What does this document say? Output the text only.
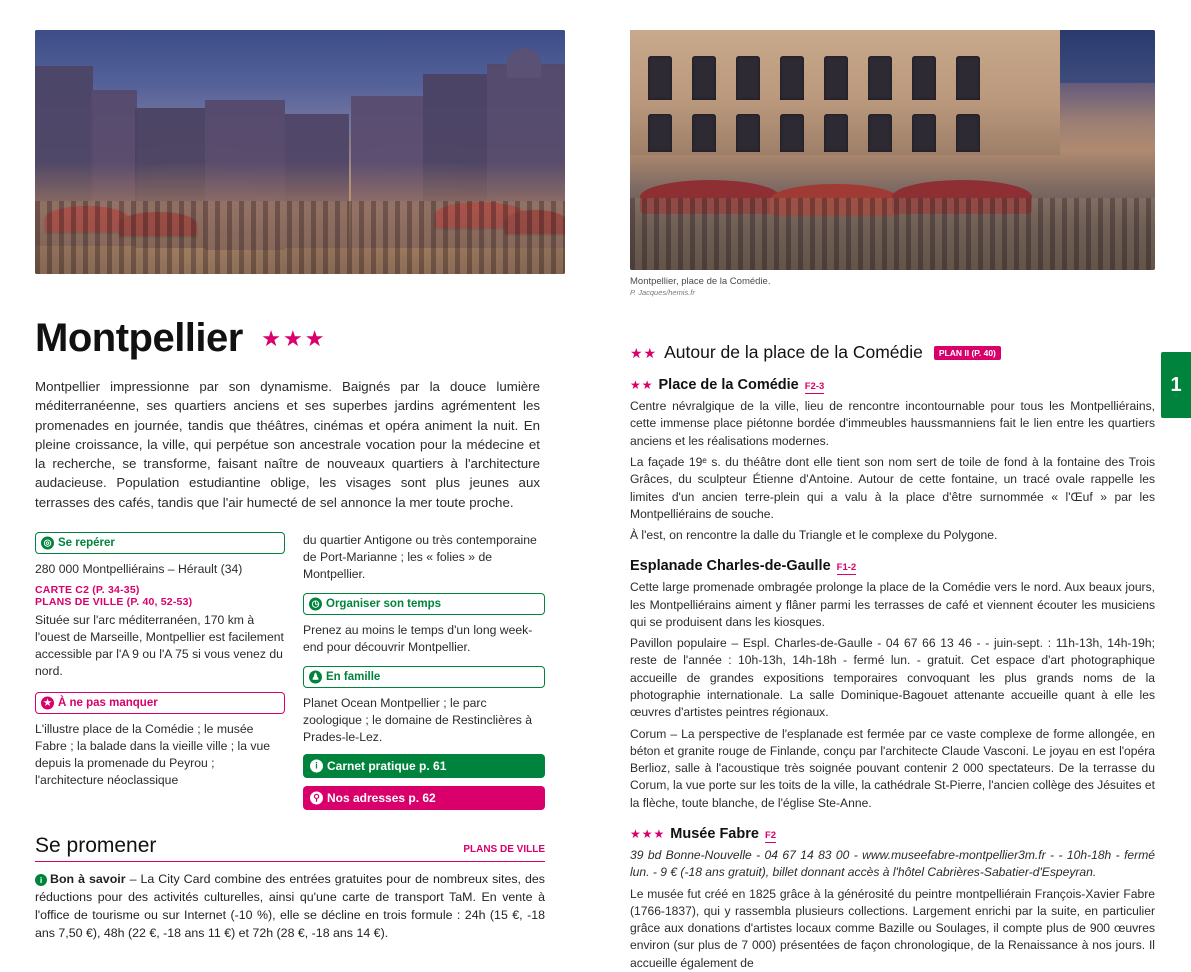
Montpellier ★★★
Montpellier impressionne par son dynamisme. Baignés par la douce lumière méditerranéenne, ses quartiers anciens et ses superbes jardins agrémentent les promenades en journée, tandis que théâtres, cinémas et opéra animent la nuit. En pleine croissance, la ville, qui perpétue son ancestrale vocation pour la médecine et la recherche, se transforme, faisant naître de nouveaux quartiers à l'architecture audacieuse. Population estudiantine oblige, les visages sont plus jeunes aux terrasses des cafés, tandis que l'air humecté de sel annonce la mer toute proche.
◎ Se repérer
280 000 Montpelliérains – Hérault (34)
CARTE C2 (P. 34-35)
PLANS DE VILLE (P. 40, 52-53)
Située sur l'arc méditerranéen, 170 km à l'ouest de Marseille, Montpellier est facilement accessible par l'A 9 ou l'A 75 si vous venez du nord.
★ À ne pas manquer
L'illustre place de la Comédie ; le musée Fabre ; la balade dans la vieille ville ; la vue depuis la promenade du Peyrou ; l'architecture néoclassique
du quartier Antigone ou très contemporaine de Port-Marianne ; les « folies » de Montpellier.
◷ Organiser son temps
Prenez au moins le temps d'un long week-end pour découvrir Montpellier.
♟ En famille
Planet Ocean Montpellier ; le parc zoologique ; le domaine de Restinclières à Prades-le-Lez.
i Carnet pratique p. 61
⚲ Nos adresses p. 62
Se promener	PLANS DE VILLE
i Bon à savoir – La City Card combine des entrées gratuites pour de nombreux sites, des réductions pour des activités culturelles, ainsi qu'une carte de transport TaM. En vente à l'office de tourisme ou sur Internet (-10 %), elle se décline en trois formule : 24h (15 €, -18 ans 7,50 €), 48h (22 €, -18 ans 11 €) et 72h (28 €, -18 ans 14 €).
Montpellier, place de la Comédie.
P. Jacques/hemis.fr
★★ Autour de la place de la Comédie	PLAN II (P. 40)
★★ Place de la Comédie F2-3
Centre névralgique de la ville, lieu de rencontre incontournable pour tous les Montpelliérains, cette immense place piétonne bordée d'immeubles haussmanniens fait le lien entre les quartiers anciens et les réalisations modernes.
La façade 19ᵉ s. du théâtre dont elle tient son nom sert de toile de fond à la fontaine des Trois Grâces, du sculpteur Étienne d'Antoine. Autour de cette fontaine, un tracé ovale rappelle les limites d'un ancien terre-plein qui a valu à la place d'être surnommée « l'Œuf » par les Montpelliérains de souche.
À l'est, on rencontre la dalle du Triangle et le complexe du Polygone.
Esplanade Charles-de-Gaulle F1-2
Cette large promenade ombragée prolonge la place de la Comédie vers le nord. Aux beaux jours, les Montpelliérains aiment y flâner parmi les terrasses de café et viennent écouter les musiciens qui se produisent dans les kiosques.
Pavillon populaire – Espl. Charles-de-Gaulle - 04 67 66 13 46 - - juin-sept. : 11h-13h, 14h-19h; reste de l'année : 10h-13h, 14h-18h - fermé lun. - gratuit. Cet espace d'art photographique accueille de grandes expositions temporaires convoquant les plus grands noms de la photographie internationale. La salle Dominique-Bagouet attenante accueille quant à elle les œuvres d'artistes peintres régionaux.
Corum – La perspective de l'esplanade est fermée par ce vaste complexe de forme allongée, en béton et granite rouge de Finlande, conçu par l'architecte Claude Vasconi. Le joyau en est l'opéra Berlioz, salle à l'acoustique très soignée pouvant contenir 2 000 spectateurs. De la terrasse du Corum, la vue porte sur les toits de la ville, la cathédrale St-Pierre, l'ancien collège des Jésuites et la flèche, toute blanche, de l'église Ste-Anne.
★★★ Musée Fabre F2
39 bd Bonne-Nouvelle - 04 67 14 83 00 - www.museefabre-montpellier3m.fr - - 10h-18h - fermé lun. - 9 € (-18 ans gratuit), billet donnant accès à l'hôtel Cabrières-Sabatier-d'Espeyran.
Le musée fut créé en 1825 grâce à la générosité du peintre montpelliérain François-Xavier Fabre (1766-1837), qui y rassembla plusieurs collections. Largement enrichi par la suite, en particulier grâce aux donations d'artistes locaux comme Bazille ou Soulages, il compte plus de 900 œuvres environ (sur plus de 7 000) présentées de façon chronologique, de la Renaissance à nos jours. Il accueille également de
1
